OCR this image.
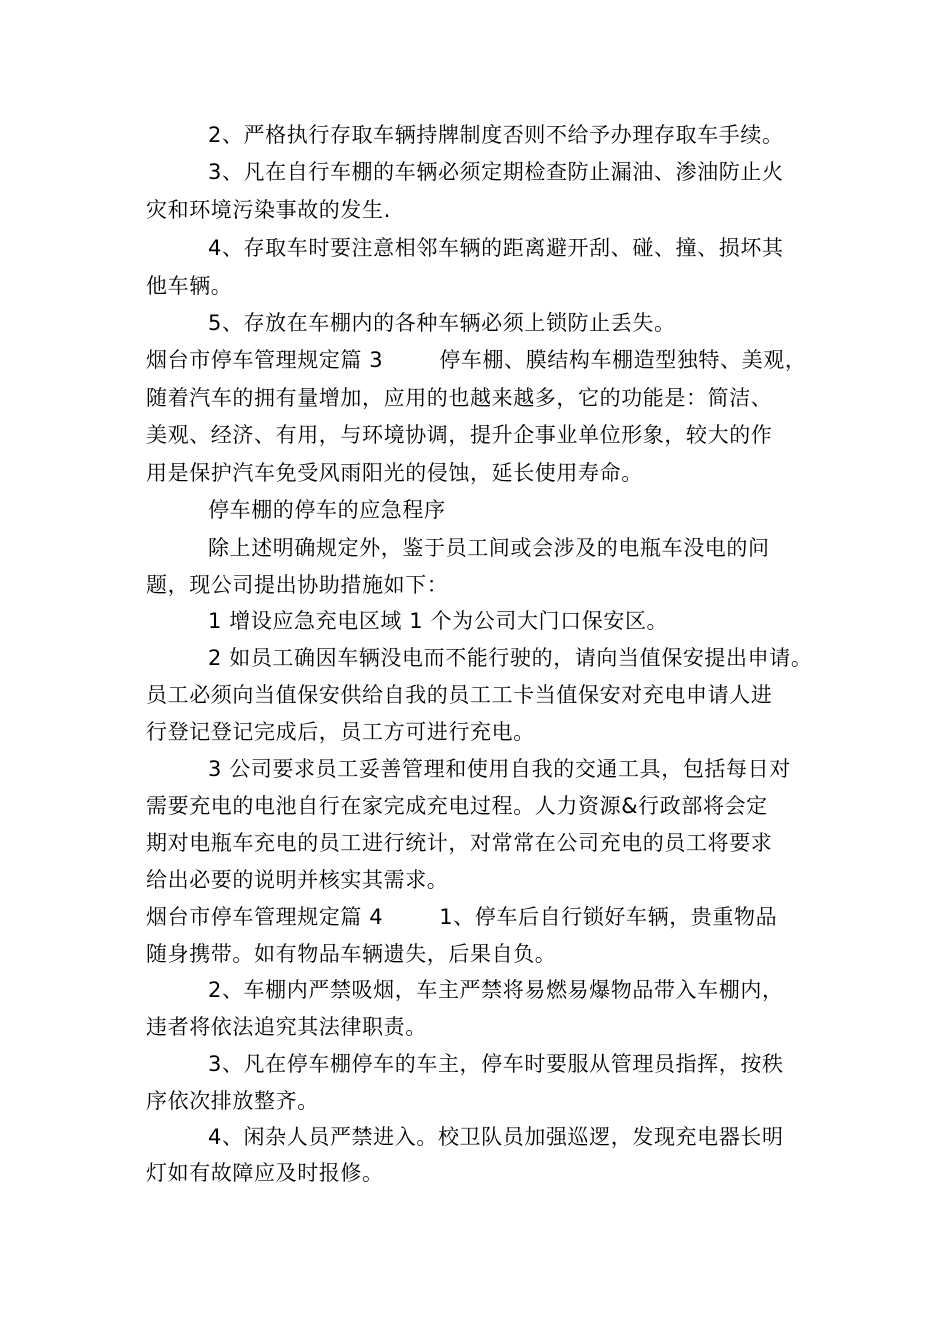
2、严格执行存取车辆持牌制度否则不给予办理存取车手续。
3、凡在自行车棚的车辆必须定期检查防止漏油、渗油防止火
灾和环境污染事故的发生.
4、存取车时要注意相邻车辆的距离避开刮、碰、撞、损坏其
他车辆。
5、存放在车棚内的各种车辆必须上锁防止丢失。
烟台市停车管理规定篇 3	停车棚、膜结构车棚造型独特、美观，
随着汽车的拥有量增加，应用的也越来越多，它的功能是：简洁、
美观、经济、有用，与环境协调，提升企事业单位形象，较大的作
用是保护汽车免受风雨阳光的侵蚀，延长使用寿命。
停车棚的停车的应急程序
除上述明确规定外，鉴于员工间或会涉及的电瓶车没电的问
题，现公司提出协助措施如下：
1 增设应急充电区域 1 个为公司大门口保安区。
2 如员工确因车辆没电而不能行驶的，请向当值保安提出申请。
员工必须向当值保安供给自我的员工工卡当值保安对充电申请人进
行登记登记完成后，员工方可进行充电。
3 公司要求员工妥善管理和使用自我的交通工具，包括每日对
需要充电的电池自行在家完成充电过程。人力资源&行政部将会定
期对电瓶车充电的员工进行统计，对常常在公司充电的员工将要求
给出必要的说明并核实其需求。
烟台市停车管理规定篇 4	1、停车后自行锁好车辆，贵重物品
随身携带。如有物品车辆遗失，后果自负。
2、车棚内严禁吸烟，车主严禁将易燃易爆物品带入车棚内，
违者将依法追究其法律职责。
3、凡在停车棚停车的车主，停车时要服从管理员指挥，按秩
序依次排放整齐。
4、闲杂人员严禁进入。校卫队员加强巡逻，发现充电器长明
灯如有故障应及时报修。
